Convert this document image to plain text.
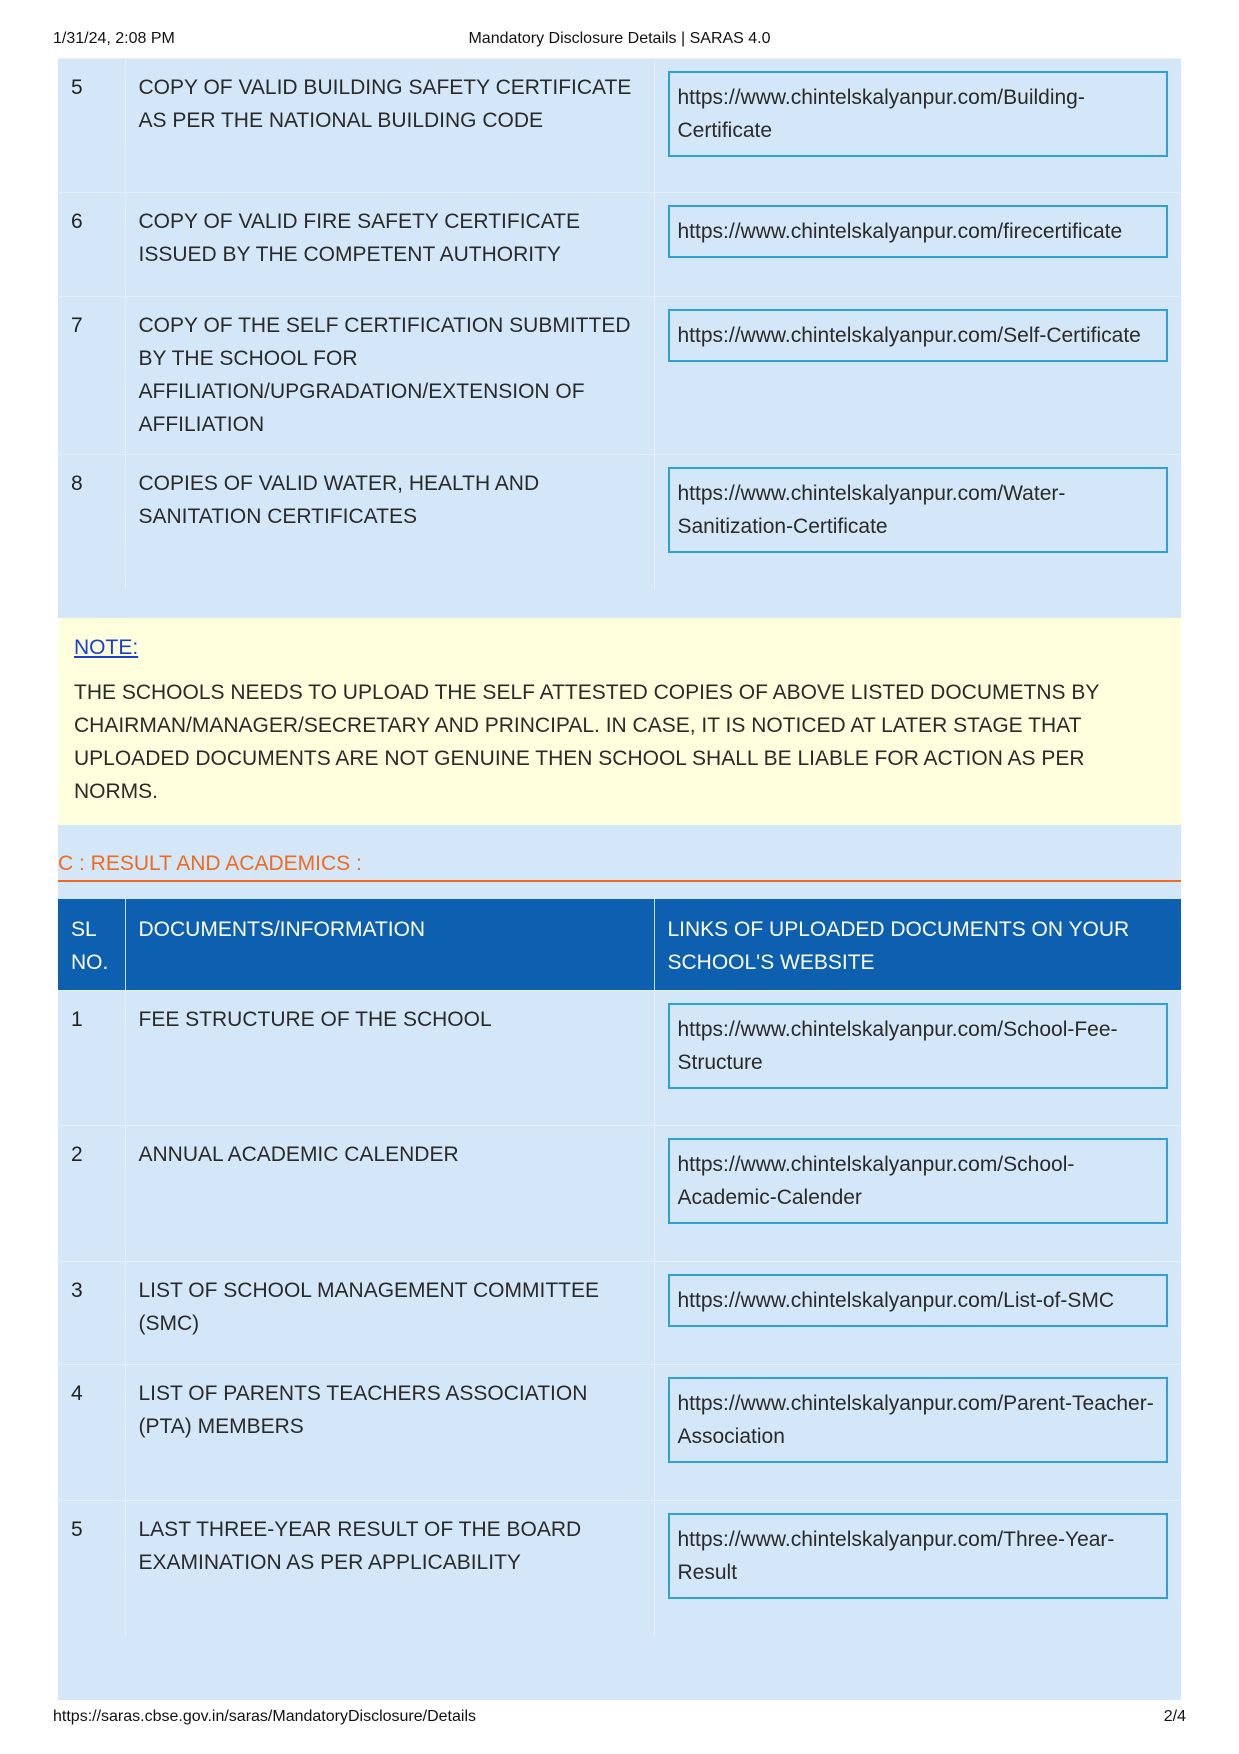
1/31/24, 2:08 PM	Mandatory Disclosure Details | SARAS 4.0
5	COPY OF VALID BUILDING SAFETY CERTIFICATE AS PER THE NATIONAL BUILDING CODE	https://www.chintelskalyanpur.com/Building-Certificate

6	COPY OF VALID FIRE SAFETY CERTIFICATE ISSUED BY THE COMPETENT AUTHORITY	https://www.chintelskalyanpur.com/firecertificate

7	COPY OF THE SELF CERTIFICATION SUBMITTED BY THE SCHOOL FOR AFFILIATION/UPGRADATION/EXTENSION OF AFFILIATION	https://www.chintelskalyanpur.com/Self-Certificate

8	COPIES OF VALID WATER, HEALTH AND SANITATION CERTIFICATES	https://www.chintelskalyanpur.com/Water-Sanitization-Certificate
NOTE:
THE SCHOOLS NEEDS TO UPLOAD THE SELF ATTESTED COPIES OF ABOVE LISTED DOCUMETNS BY CHAIRMAN/MANAGER/SECRETARY AND PRINCIPAL. IN CASE, IT IS NOTICED AT LATER STAGE THAT UPLOADED DOCUMENTS ARE NOT GENUINE THEN SCHOOL SHALL BE LIABLE FOR ACTION AS PER NORMS.
C : RESULT AND ACADEMICS :
SL NO.	DOCUMENTS/INFORMATION	LINKS OF UPLOADED DOCUMENTS ON YOUR SCHOOL'S WEBSITE
1	FEE STRUCTURE OF THE SCHOOL	https://www.chintelskalyanpur.com/School-Fee-Structure

2	ANNUAL ACADEMIC CALENDER	https://www.chintelskalyanpur.com/School-Academic-Calender

3	LIST OF SCHOOL MANAGEMENT COMMITTEE (SMC)	https://www.chintelskalyanpur.com/List-of-SMC

4	LIST OF PARENTS TEACHERS ASSOCIATION (PTA) MEMBERS	https://www.chintelskalyanpur.com/Parent-Teacher-Association

5	LAST THREE-YEAR RESULT OF THE BOARD EXAMINATION AS PER APPLICABILITY	https://www.chintelskalyanpur.com/Three-Year-Result
https://saras.cbse.gov.in/saras/MandatoryDisclosure/Details	2/4
